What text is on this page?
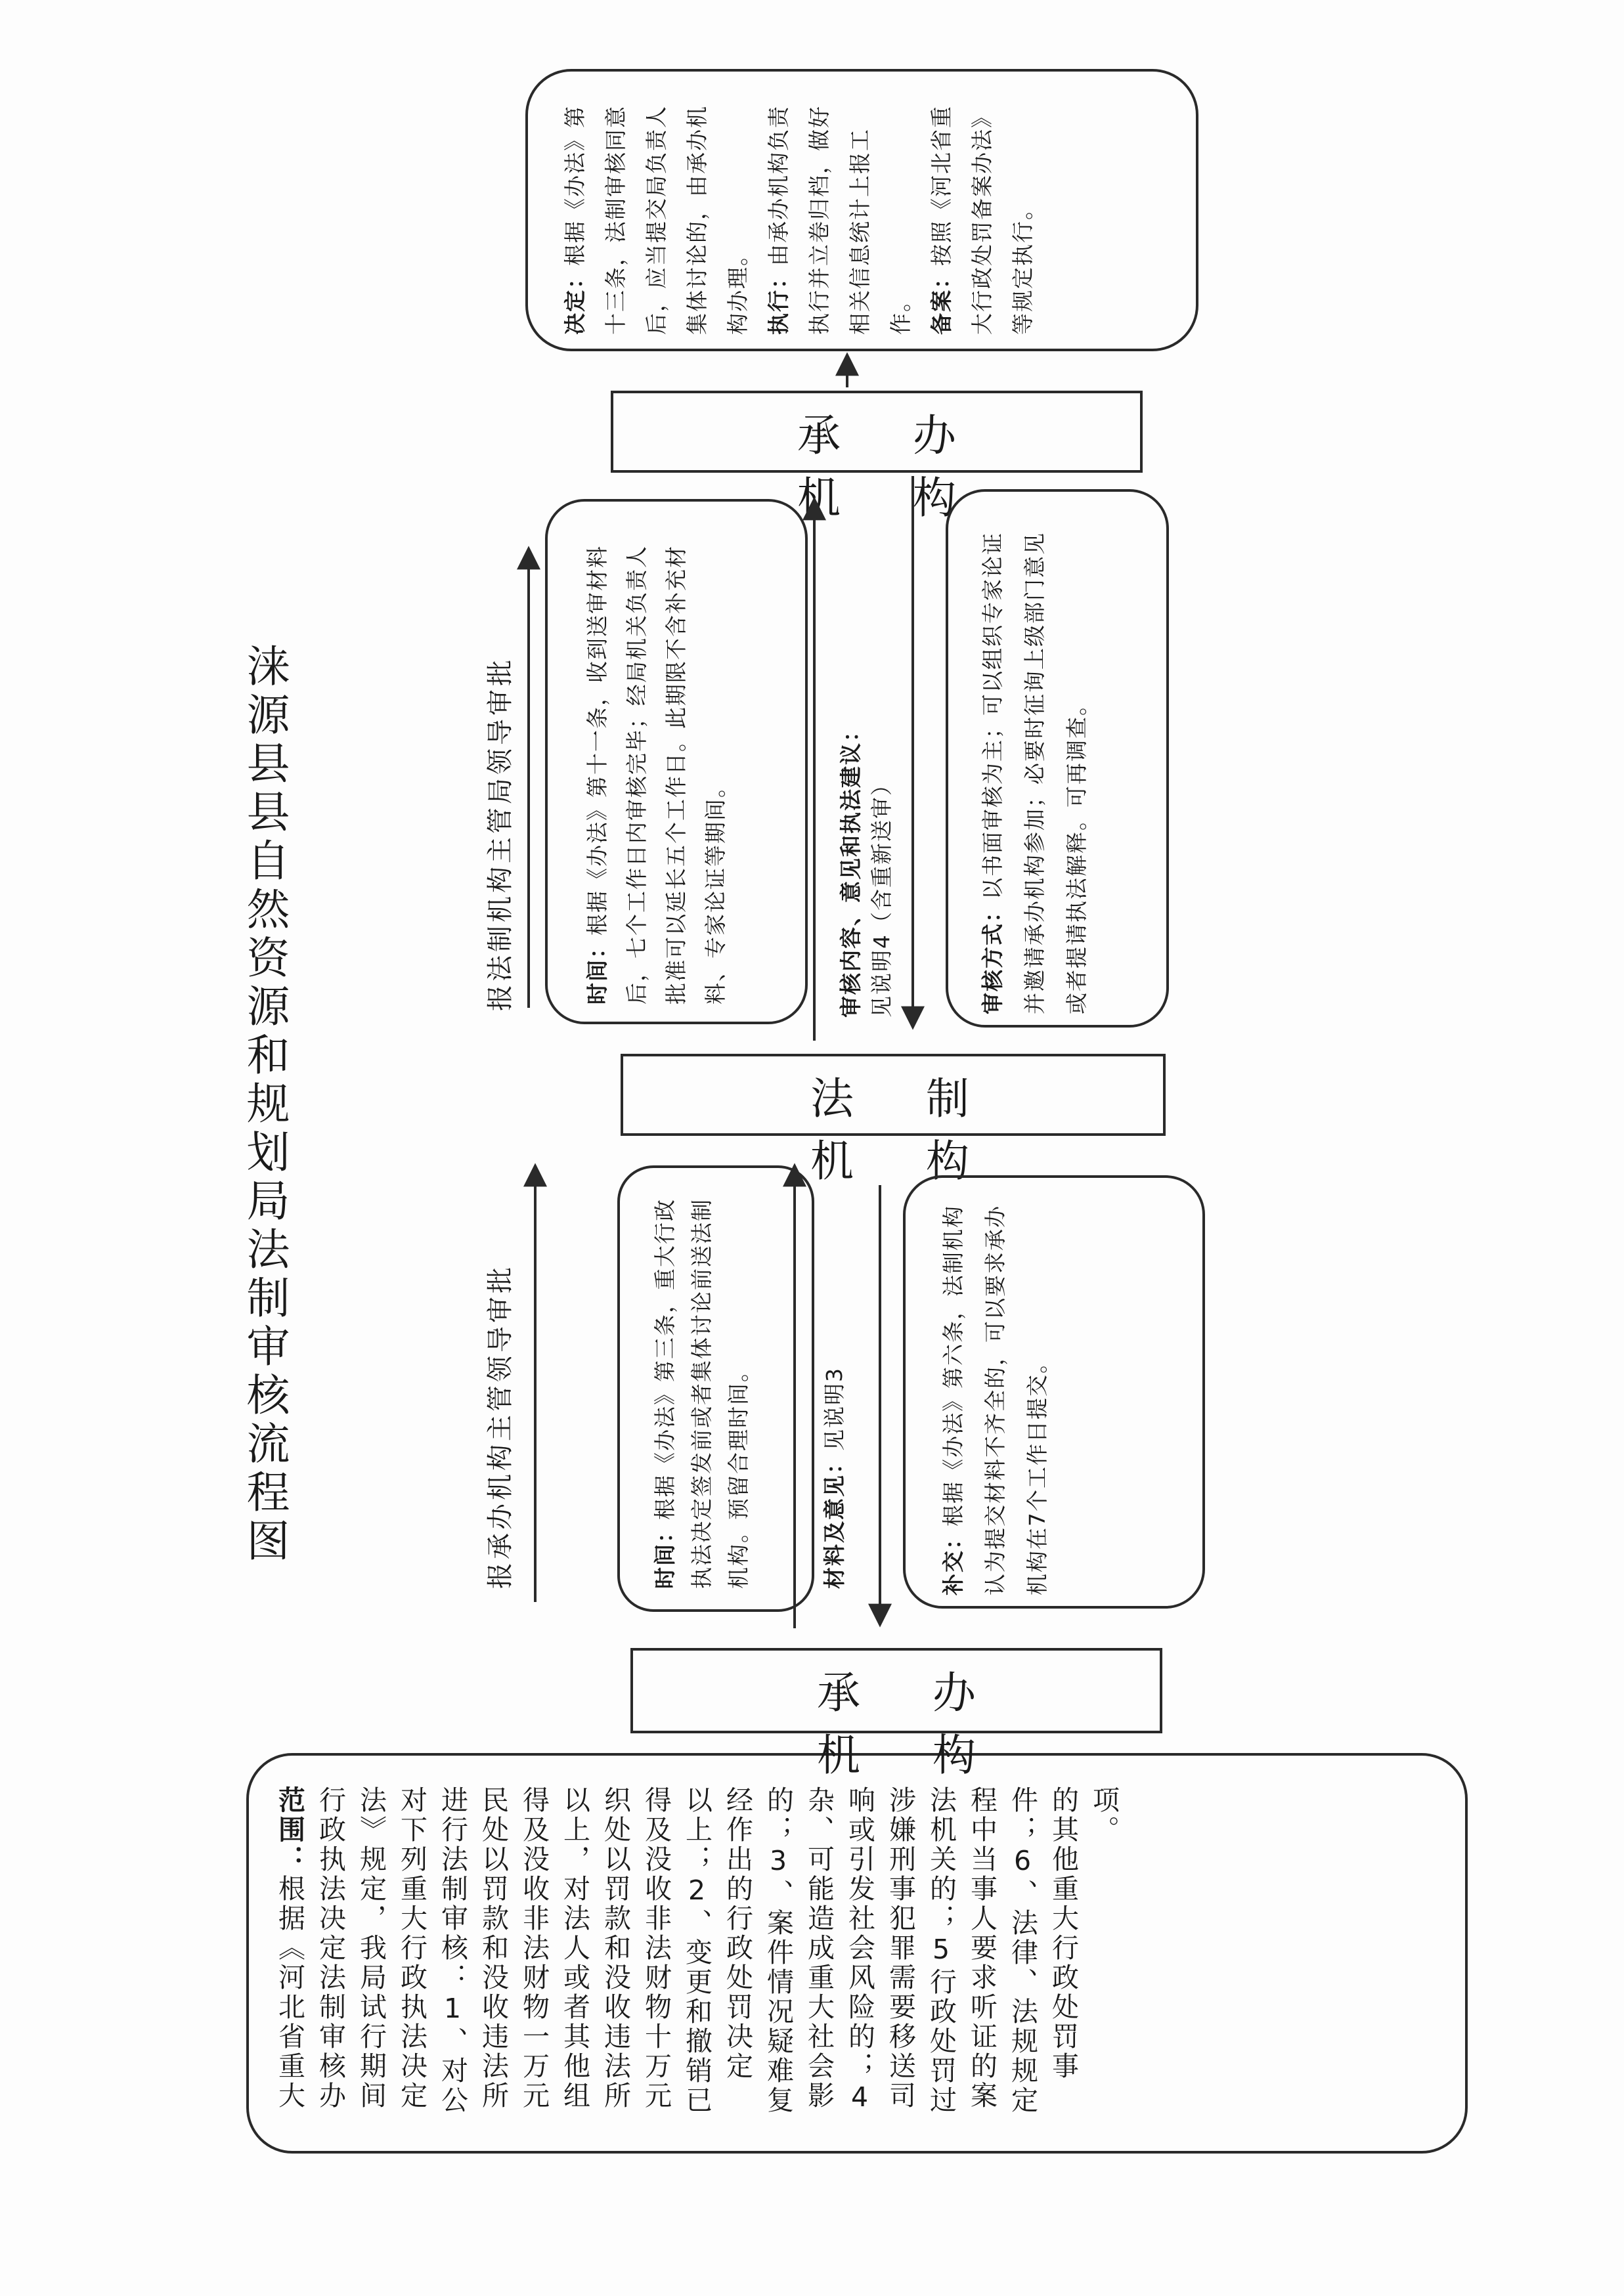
涞源县县自然资源和规划局法制审核流程图
范围：根据《河北省重大行政执法决定法制审核办法》规定，我局试行期间对下列重大行政执法决定进行法制审核：1、对公民处以罚款和没收违法所得及没收非法财物一万元以上，对法人或者其他组织处以罚款和没收违法所得及没收非法财物十万元以上；2、变更和撤销已经作出的行政处罚决定的；3、案件情况疑难复杂、可能造成重大社会影响或引发社会风险的；4涉嫌刑事犯罪需要移送司法机关的；5行政处罚过程中当事人要求听证的案件；6、法律、法规规定的其他重大行政处罚事项。
承办机构
法制机构
承办机构
报承办机构主管领导审批	时间：根据《办法》第三条，重大行政执法决定签发前或者集体讨论前送法制机构。预留合理时间。	材料及意见：见说明3
补交：根据《办法》第六条，法制机构认为提交材料不齐全的，可以要求承办机构在7个工作日提交。
报法制机构主管局领导审批	时间：根据《办法》第十一条，收到送审材料后，七个工作日内审核完毕；经局机关负责人批准可以延长五个工作日。此期限不含补充材料、专家论证等期间。	审核内容、意见和执法建议： 见说明4（含重新送审）	审核方式：以书面审核为主；可以组织专家论证并邀请承办机构参加；必要时征询上级部门意见或者提请执法解释。可再调查。
决定：根据《办法》第十三条，法制审核同意后，应当提交局负责人集体讨论的，由承办机构办理。 执行：由承办机构负责执行并立卷归档，做好相关信息统计上报工作。 备案：按照《河北省重大行政处罚备案办法》等规定执行。
